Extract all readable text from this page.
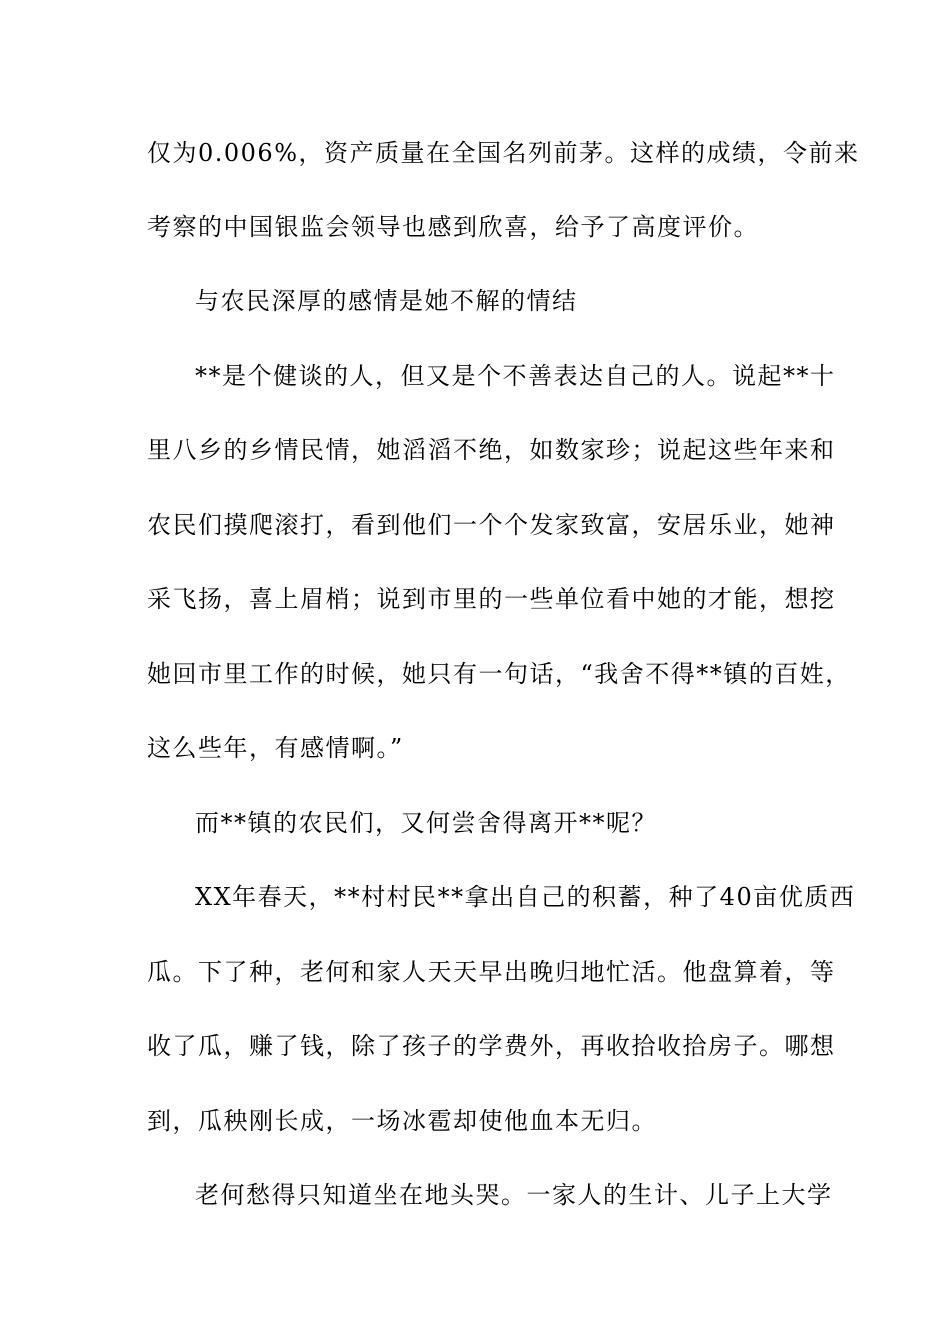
仅为0.006%，资产质量在全国名列前茅。这样的成绩，令前来
考察的中国银监会领导也感到欣喜，给予了高度评价。
与农民深厚的感情是她不解的情结
**是个健谈的人，但又是个不善表达自己的人。说起**十
里八乡的乡情民情，她滔滔不绝，如数家珍；说起这些年来和
农民们摸爬滚打，看到他们一个个发家致富，安居乐业，她神
采飞扬，喜上眉梢；说到市里的一些单位看中她的才能，想挖
她回市里工作的时候，她只有一句话，“我舍不得**镇的百姓，
这么些年，有感情啊。”
而**镇的农民们，又何尝舍得离开**呢？
XX年春天，**村村民**拿出自己的积蓄，种了40亩优质西
瓜。下了种，老何和家人天天早出晚归地忙活。他盘算着，等
收了瓜，赚了钱，除了孩子的学费外，再收拾收拾房子。哪想
到，瓜秧刚长成，一场冰雹却使他血本无归。
老何愁得只知道坐在地头哭。一家人的生计、儿子上大学
